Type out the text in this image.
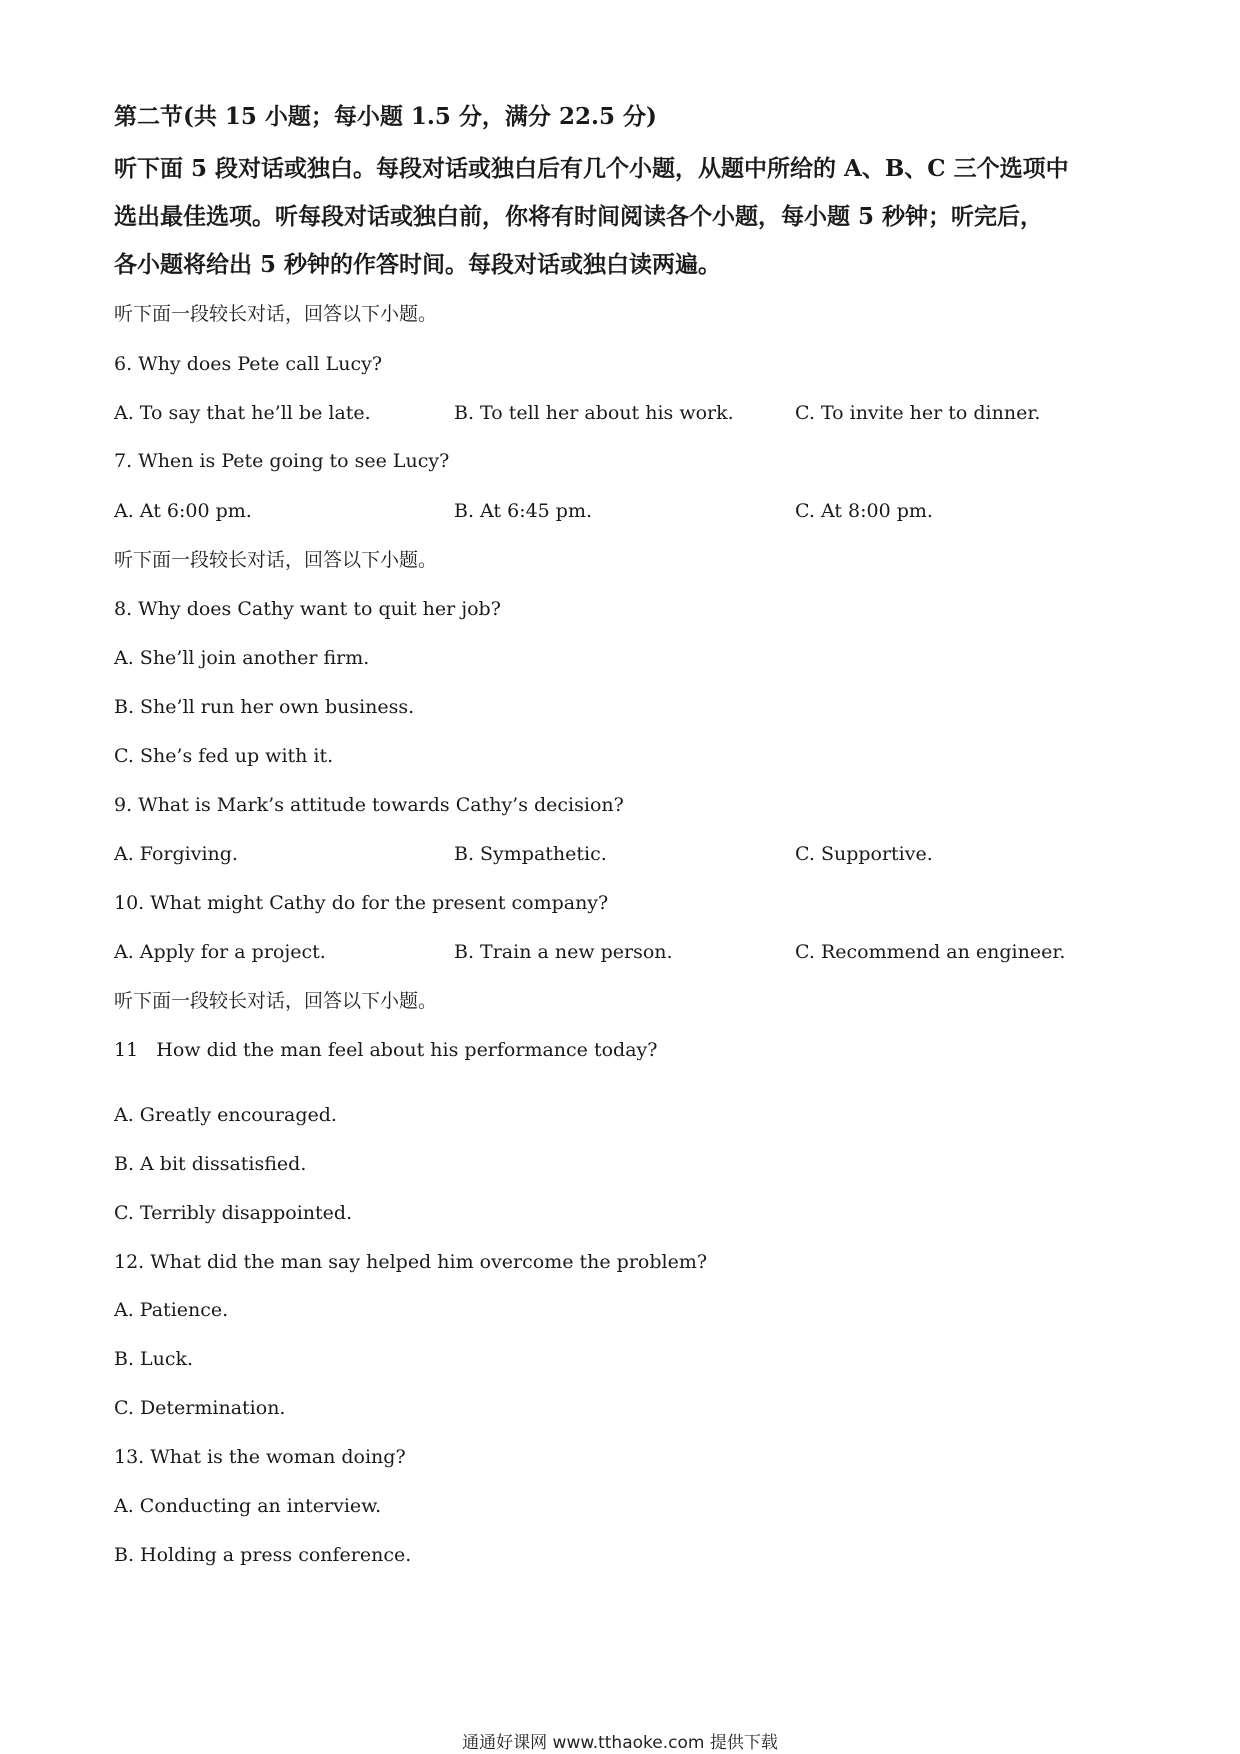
第二节(共 15 小题；每小题 1.5 分，满分 22.5 分)
听下面 5 段对话或独白。每段对话或独白后有几个小题，从题中所给的 A、B、C 三个选项中
选出最佳选项。听每段对话或独白前，你将有时间阅读各个小题，每小题 5 秒钟；听完后，
各小题将给出 5 秒钟的作答时间。每段对话或独白读两遍。
听下面一段较长对话，回答以下小题。
6. Why does Pete call Lucy?
A. To say that he’ll be late.	B. To tell her about his work.	C. To invite her to dinner.
7. When is Pete going to see Lucy?
A. At 6:00 pm.	B. At 6:45 pm.	C. At 8:00 pm.
听下面一段较长对话，回答以下小题。
8. Why does Cathy want to quit her job?
A. She’ll join another firm.
B. She’ll run her own business.
C. She’s fed up with it.
9. What is Mark’s attitude towards Cathy’s decision?
A. Forgiving.	B. Sympathetic.	C. Supportive.
10. What might Cathy do for the present company?
A. Apply for a project.	B. Train a new person.	C. Recommend an engineer.
听下面一段较长对话，回答以下小题。
11   How did the man feel about his performance today?
A. Greatly encouraged.
B. A bit dissatisfied.
C. Terribly disappointed.
12. What did the man say helped him overcome the problem?
A. Patience.
B. Luck.
C. Determination.
13. What is the woman doing?
A. Conducting an interview.
B. Holding a press conference.
通通好课网 www.tthaoke.com 提供下载
